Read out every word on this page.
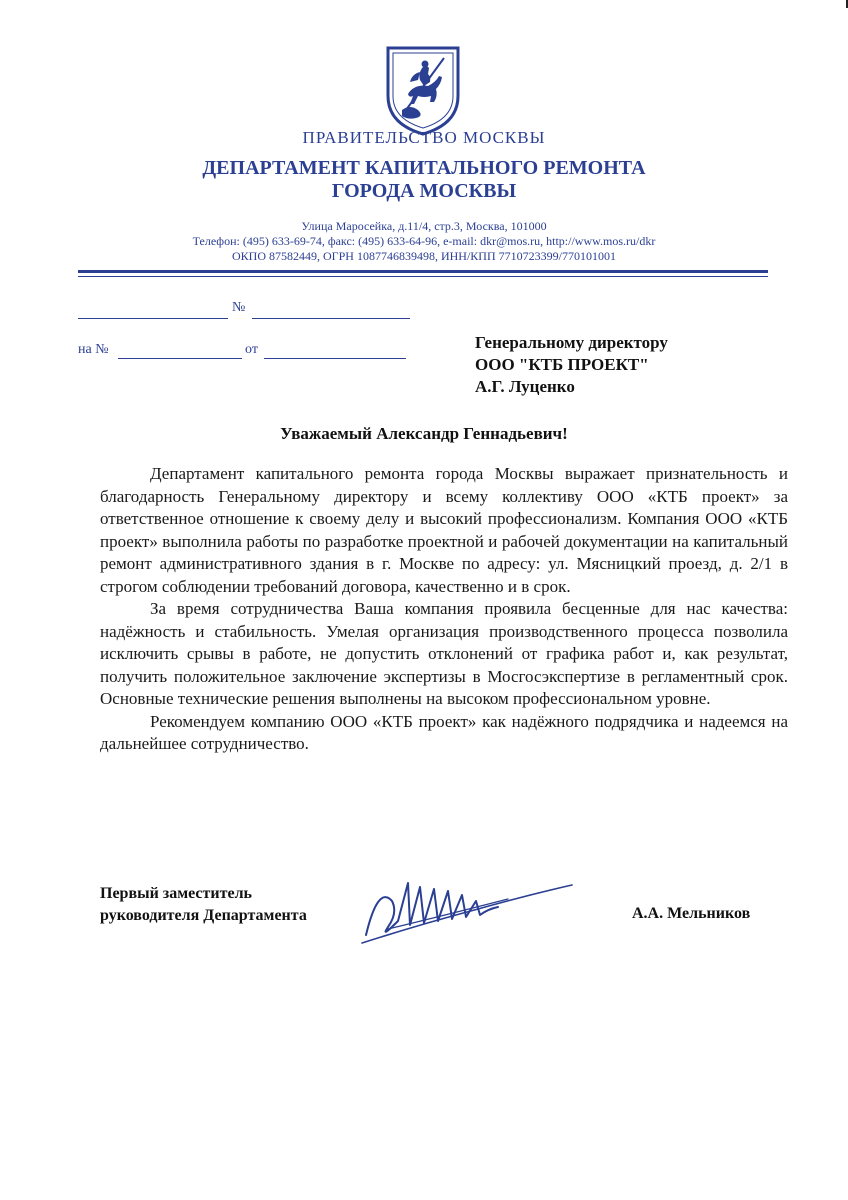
ПРАВИТЕЛЬСТВО МОСКВЫ
ДЕПАРТАМЕНТ КАПИТАЛЬНОГО РЕМОНТА
ГОРОДА МОСКВЫ
Улица Маросейка, д.11/4, стр.3, Москва, 101000
Телефон: (495) 633-69-74, факс: (495) 633-64-96, e-mail: dkr@mos.ru, http://www.mos.ru/dkr
ОКПО 87582449, ОГРН 1087746839498, ИНН/КПП 7710723399/770101001
№
на №	от	Генеральному директору
ООО "КТБ ПРОЕКТ"
А.Г. Луценко
Уважаемый Александр Геннадьевич!

Департамент капитального ремонта города Москвы выражает признательность и благодарность Генеральному директору и всему коллективу ООО «КТБ проект» за ответственное отношение к своему делу и высокий профессионализм. Компания ООО «КТБ проект» выполнила работы по разработке проектной и рабочей документации на капитальный ремонт административного здания в г. Москве по адресу: ул. Мясницкий проезд, д. 2/1 в строгом соблюдении требований договора, качественно и в срок.

За время сотрудничества Ваша компания проявила бесценные для нас качества: надёжность и стабильность. Умелая организация производственного процесса позволила исключить срывы в работе, не допустить отклонений от графика работ и, как результат, получить положительное заключение экспертизы в Мосгосэкспертизе в регламентный срок. Основные технические решения выполнены на высоком профессиональном уровне.

Рекомендуем компанию ООО «КТБ проект» как надёжного подрядчика и надеемся на дальнейшее сотрудничество.

Первый заместитель
руководителя Департамента	А.А. Мельников
